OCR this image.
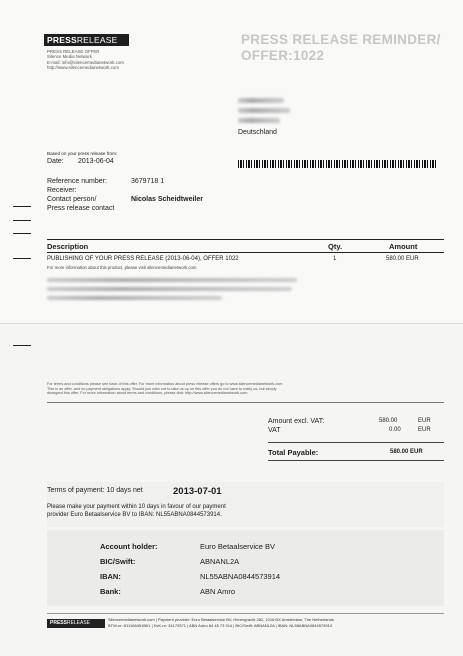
PRESSRELEASE
PRESS RELEASE OFFER
Silence Media Network
E-mail: info@silencemedianetwork.com
http://www.silencemedianetwork.com
PRESS RELEASE REMINDER/
OFFER:1022
Deutschland
Based on your press release from:
Date: 2013-06-04
Reference number:	3679718 1
Receiver:
Contact person/	Nicolas Scheidtweiler
Press release contact
Description	Qty.	Amount
PUBLISHING OF YOUR PRESS RELEASE (2013-06-04), OFFER 1022	1	580.00 EUR
For more information about this product, please visit silencemedianetwork.com
For terms and conditions please see back of this offer. For more information about press release offers go to www.silencemedianetwork.com
This is an offer, and no payment obligations apply. Should you wish not to take us up on this offer you do not have to notify us, but simply
disregard this offer. For more information about terms and conditions, please visit: http://www.silencemedianetwork.com
Amount excl. VAT:	580.00	EUR
VAT	0.00	EUR
Total Payable:	580.00 EUR
Terms of payment: 10 days net	2013-07-01
Please make your payment within 10 days in favour of our payment
provider Euro Betaalservice BV to IBAN: NL55ABNA0844573914.
Account holder:	Euro Betaalservice BV
BIC/Swift:	ABNANL2A
IBAN:	NL55ABNA0844573914
Bank:	ABN Amro
PRESSRELEASE
Silencemedianetwork.com | Payment provider: Euro Betaalservice BV, Herengracht 282, 1016 BX Amsterdam, The Netherlands
BTW-nr: 811166491B01 | KvK-nr: 34179371 | ABN Amro 84 45 73 914 | BIC/Swift: ABNANL2A | IBAN: NL55ABNA0844573914
